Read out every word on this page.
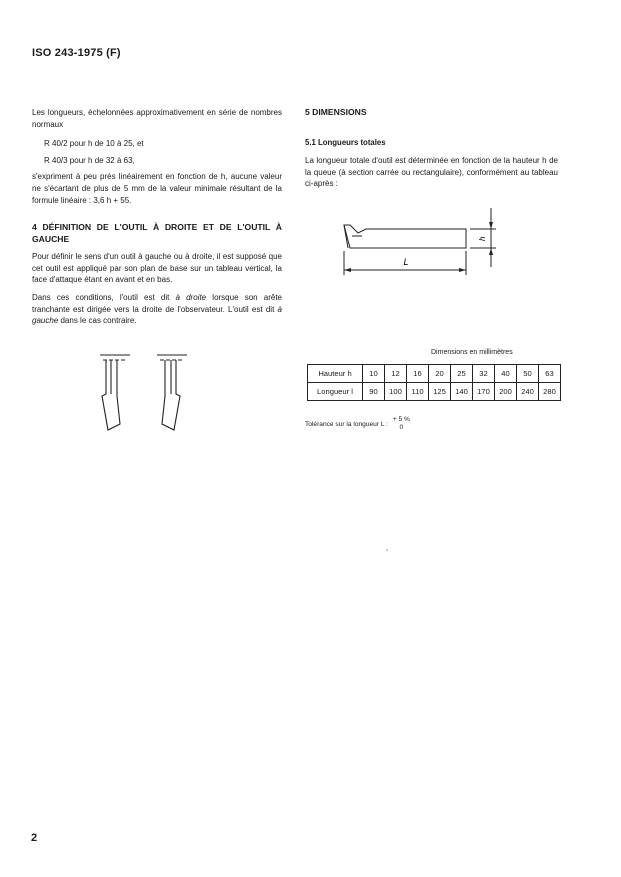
ISO 243-1975 (F)

Les longueurs, échelonnées approximativement en série de nombres normaux

R 40/2 pour h de 10 à 25, et

R 40/3 pour h de 32 à 63,

s'expriment à peu près linéairement en fonction de h, aucune valeur ne s'écartant de plus de 5 mm de la valeur minimale résultant de la formule linéaire : 3,6 h + 55.

4 DÉFINITION DE L'OUTIL À DROITE ET DE L'OUTIL À GAUCHE

Pour définir le sens d'un outil à gauche ou à droite, il est supposé que cet outil est appliqué par son plan de base sur un tableau vertical, la face d'attaque étant en avant et en bas.

Dans ces conditions, l'outil est dit à droite lorsque son arête tranchante est dirigée vers la droite de l'observateur. L'outil est dit à gauche dans le cas contraire.

5 DIMENSIONS

5.1 Longueurs totales

La longueur totale d'outil est déterminée en fonction de la hauteur h de la queue (à section carrée ou rectangulaire), conformément au tableau ci-après :

L
h
Dimensions en millimètres
Hauteur h	10	12	16	20	25	32	40	50	63
Longueur l	90	100	110	125	140	170	200	240	280
Tolérance sur la longueur L :
+ 5 %
0
2
